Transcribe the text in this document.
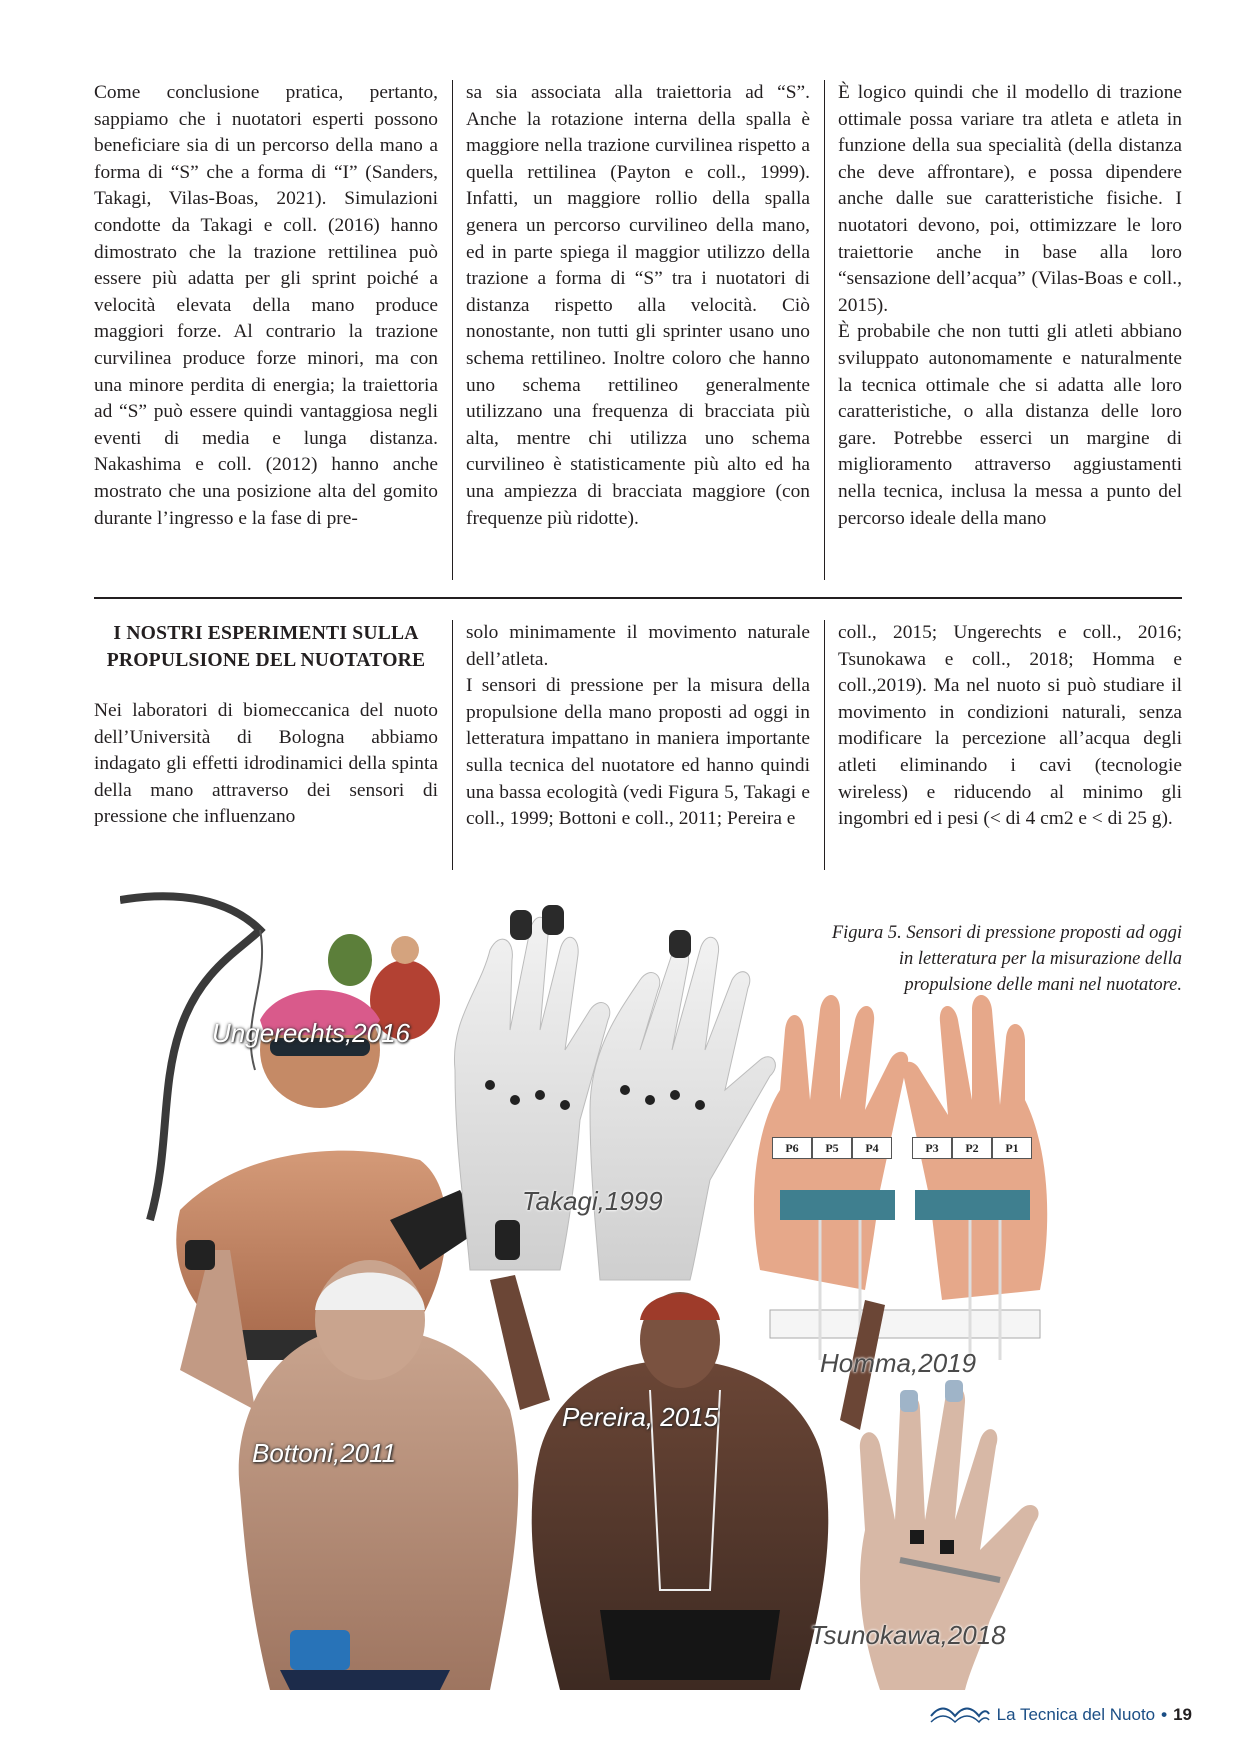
Come conclusione pratica, pertanto, sappiamo che i nuotatori esperti possono beneficiare sia di un percorso della mano a forma di “S” che a forma di “I” (Sanders, Takagi, Vilas-Boas, 2021). Simulazioni condotte da Takagi e coll. (2016) hanno dimostrato che la trazione rettilinea può essere più adatta per gli sprint poiché a velocità elevata della mano produce maggiori forze. Al contrario la trazione curvilinea produce forze minori, ma con una minore perdita di energia; la traiettoria ad “S” può essere quindi vantaggiosa negli eventi di media e lunga distanza. Nakashima e coll. (2012) hanno anche mostrato che una posizione alta del gomito durante l’ingresso e la fase di pre-

sa sia associata alla traiettoria ad “S”. Anche la rotazione interna della spalla è maggiore nella trazione curvilinea rispetto a quella rettilinea (Payton e coll., 1999). Infatti, un maggiore rollio della spalla genera un percorso curvilineo della mano, ed in parte spiega il maggior utilizzo della trazione a forma di “S” tra i nuotatori di distanza rispetto alla velocità. Ciò nonostante, non tutti gli sprinter usano uno schema rettilineo. Inoltre coloro che hanno uno schema rettilineo generalmente utilizzano una frequenza di bracciata più alta, mentre chi utilizza uno schema curvilineo è statisticamente più alto ed ha una ampiezza di bracciata maggiore (con frequenze più ridotte).

È logico quindi che il modello di trazione ottimale possa variare tra atleta e atleta in funzione della sua specialità (della distanza che deve affrontare), e possa dipendere anche dalle sue caratteristiche fisiche. I nuotatori devono, poi, ottimizzare le loro traiettorie anche in base alla loro “sensazione dell’acqua” (Vilas-Boas e coll., 2015).

È probabile che non tutti gli atleti abbiano sviluppato autonomamente e naturalmente la tecnica ottimale che si adatta alle loro caratteristiche, o alla distanza delle loro gare. Potrebbe esserci un margine di miglioramento attraverso aggiustamenti nella tecnica, inclusa la messa a punto del percorso ideale della mano

I NOSTRI ESPERIMENTI SULLA PROPULSIONE DEL NUOTATORE

Nei laboratori di biomeccanica del nuoto dell’Università di Bologna abbiamo indagato gli effetti idrodinamici della spinta della mano attraverso dei sensori di pressione che influenzano

solo minimamente il movimento naturale dell’atleta.

I sensori di pressione per la misura della propulsione della mano proposti ad oggi in letteratura impattano in maniera importante sulla tecnica del nuotatore ed hanno quindi una bassa ecologità (vedi Figura 5, Takagi e coll., 1999; Bottoni e coll., 2011; Pereira e

coll., 2015; Ungerechts e coll., 2016; Tsunokawa e coll., 2018; Homma e coll.,2019). Ma nel nuoto si può studiare il movimento in condizioni naturali, senza modificare la percezione all’acqua degli atleti eliminando i cavi (tecnologie wireless) e riducendo al minimo gli ingombri ed i pesi (< di 4 cm2 e < di 25 g).

Ungerechts,2016
Takagi,1999
Homma,2019
Bottoni,2011
Pereira, 2015
Tsunokawa,2018
P6	P5	P4	P3	P2	P1
Figura 5. Sensori di pressione proposti ad oggi in letteratura per la misurazione della propulsione delle mani nel nuotatore.
La Tecnica del Nuoto • 19
